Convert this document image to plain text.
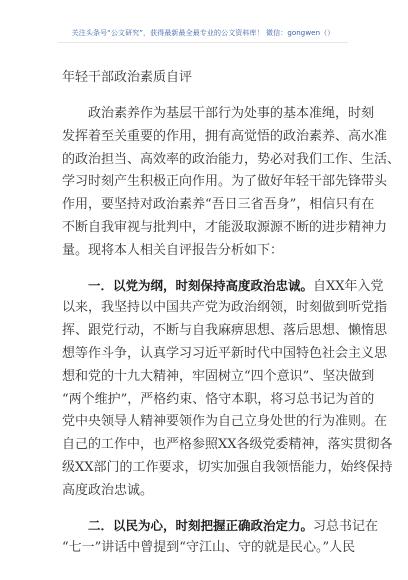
关注头条号“公文研究”，获得最新最全最专业的公文资料库！ 微信：gongwen（）
年轻干部政治素质自评
政治素养作为基层干部行为处事的基本准绳，时刻
发挥着至关重要的作用，拥有高觉悟的政治素养、高水准
的政治担当、高效率的政治能力，势必对我们工作、生活、
学习时刻产生积极正向作用。为了做好年轻干部先锋带头
作用，要坚持对政治素养“吾日三省吾身”，相信只有在
不断自我审视与批判中，才能汲取源源不断的进步精神力
量。现将本人相关自评报告分析如下：
一．以党为纲，时刻保持高度政治忠诚。自XX年入党
以来，我坚持以中国共产党为政治纲领，时刻做到听党指
挥、跟党行动，不断与自我麻痹思想、落后思想、懒惰思
想等作斗争，认真学习习近平新时代中国特色社会主义思
想和党的十九大精神，牢固树立“四个意识”、坚决做到
“两个维护”，严格约束、恪守本职，将习总书记为首的
党中央领导人精神要领作为自己立身处世的行为准则。在
自己的工作中，也严格参照XX各级党委精神，落实贯彻各
级XX部门的工作要求，切实加强自我领悟能力，始终保持
高度政治忠诚。
二．以民为心，时刻把握正确政治定力。习总书记在
“七一”讲话中曾提到“守江山、守的就是民心。”人民
